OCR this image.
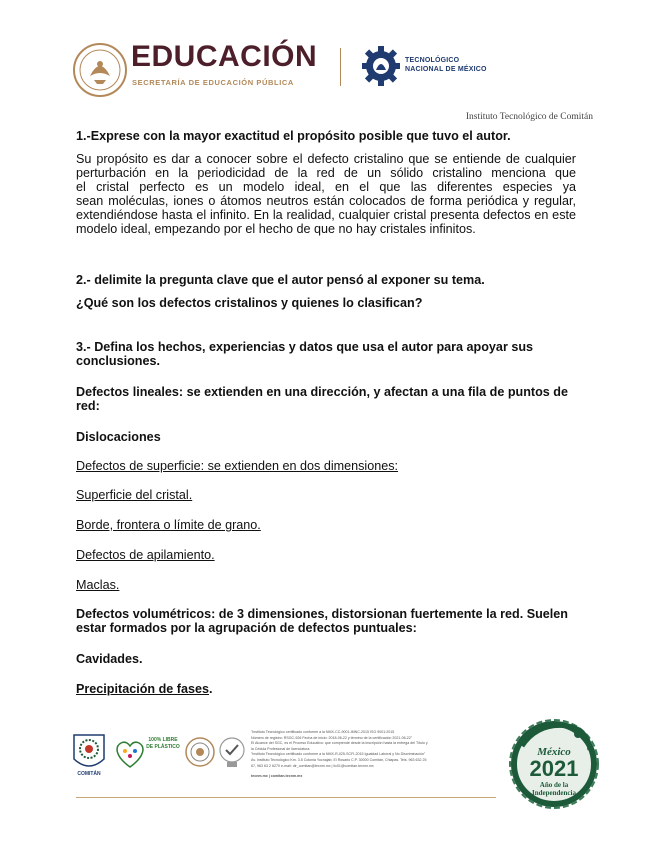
EDUCACIÓN
SECRETARÍA DE EDUCACIÓN PÚBLICA
TECNOLÓGICO
NACIONAL DE MÉXICO
Instituto Tecnológico de Comitán
1.-Exprese con la mayor exactitud el propósito posible que tuvo el autor.
Su propósito es dar a conocer sobre el defecto cristalino que se entiende de cualquier
perturbación en la periodicidad de la red de un sólido cristalino menciona que
el cristal perfecto es un modelo ideal, en el que las diferentes especies ya
sean moléculas, iones o átomos neutros están colocados de forma periódica y regular,
extendiéndose hasta el infinito. En la realidad, cualquier cristal presenta defectos en este
modelo ideal, empezando por el hecho de que no hay cristales infinitos.
2.- delimite la pregunta clave que el autor pensó al exponer su tema.
¿Qué son los defectos cristalinos y quienes lo clasifican?
3.- Defina los hechos, experiencias y datos que usa el autor para apoyar sus
conclusiones.
Defectos lineales: se extienden en una dirección, y afectan a una fila de puntos de
red:
Dislocaciones
Defectos de superficie: se extienden en dos dimensiones:
Superficie del cristal.
Borde, frontera o límite de grano.
Defectos de apilamiento.
Maclas.
Defectos volumétricos: de 3 dimensiones, distorsionan fuertemente la red. Suelen
estar formados por la agrupación de defectos puntuales:
Cavidades.
Precipitación de fases.
COMITÁN
100% LIBRE DE PLÁSTICO
"Instituto Tecnológico certificado conforme a la NMX-CC-9001-IMNC-2015 ISO 9001:2015
Número de registro: RSGC-926 Fecha de inicio: 2018-06-22 y término de la certificación 2021-06-22"
El Alcance del SGC, es el Proceso Educativo: que comprende desde la inscripción hasta la entrega del Título y
la Cédula Profesional de licenciatura.
"Instituto Tecnológico certificado conforme a la NMX-R-025-SCFI-2015 Igualdad Laboral y No Discriminación"
Av. Instituto Tecnológico Km. 3.5 Colonia Yocnajab, El Rosario C.P. 30000 Comitán, Chiapas. Tels. 963 632 25
67, 963 63 2 6270 e-mail: dir_comitan@tecnm.mx | lic01@comitan.tecnm.mx
tecnm.mx | comitan.tecnm.mx
México
2021
Año de la
Independencia
